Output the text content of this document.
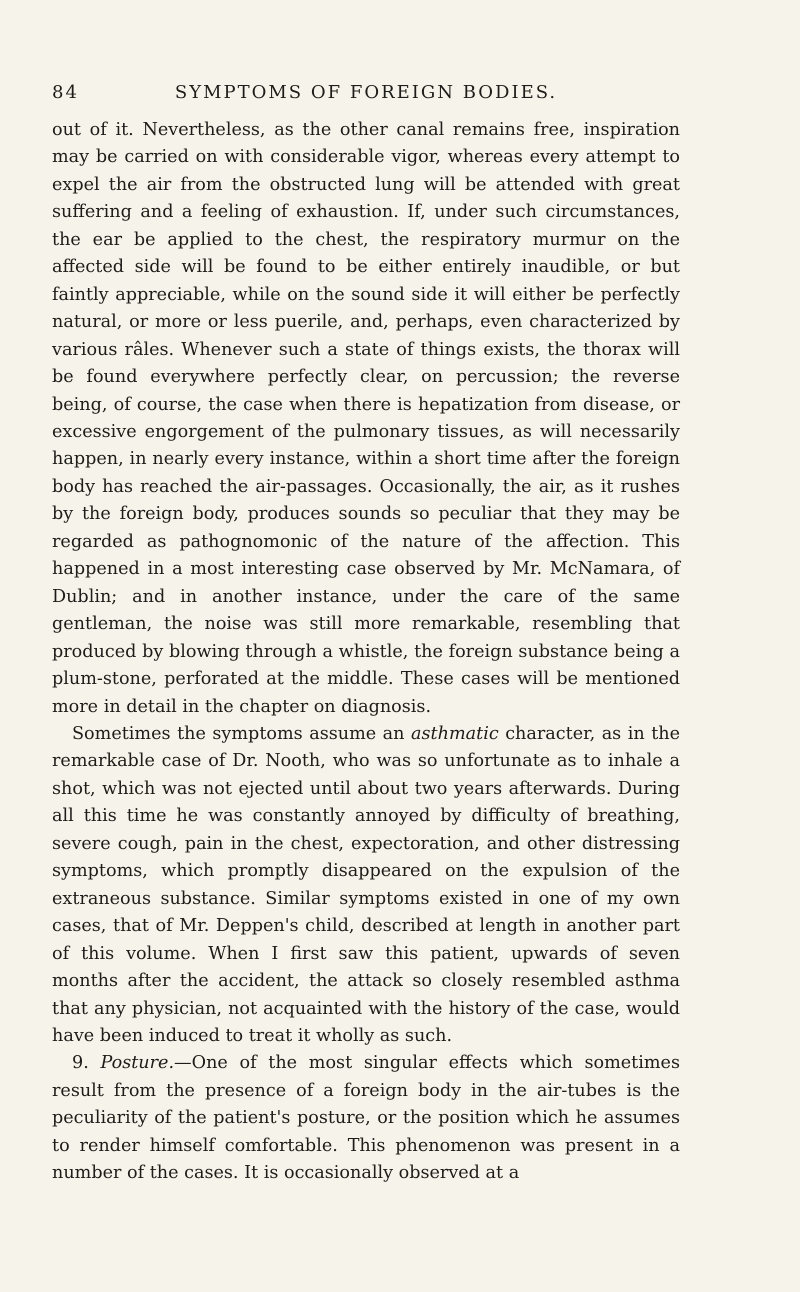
84	SYMPTOMS OF FOREIGN BODIES.

out of it. Nevertheless, as the other canal remains free, inspiration may be carried on with considerable vigor, whereas every attempt to expel the air from the obstructed lung will be attended with great suffering and a feeling of exhaustion. If, under such circumstances, the ear be applied to the chest, the respiratory murmur on the affected side will be found to be either entirely inaudible, or but faintly appreciable, while on the sound side it will either be perfectly natural, or more or less puerile, and, perhaps, even characterized by various râles. Whenever such a state of things exists, the thorax will be found everywhere perfectly clear, on percussion; the reverse being, of course, the case when there is hepatization from disease, or excessive engorgement of the pulmonary tissues, as will necessarily happen, in nearly every instance, within a short time after the foreign body has reached the air-passages. Occasionally, the air, as it rushes by the foreign body, produces sounds so peculiar that they may be regarded as pathognomonic of the nature of the affection. This happened in a most interesting case observed by Mr. McNamara, of Dublin; and in another instance, under the care of the same gentleman, the noise was still more remarkable, resembling that produced by blowing through a whistle, the foreign substance being a plum-stone, perforated at the middle. These cases will be mentioned more in detail in the chapter on diagnosis.

Sometimes the symptoms assume an asthmatic character, as in the remarkable case of Dr. Nooth, who was so unfortunate as to inhale a shot, which was not ejected until about two years afterwards. During all this time he was constantly annoyed by difficulty of breathing, severe cough, pain in the chest, expectoration, and other distressing symptoms, which promptly disappeared on the expulsion of the extraneous substance. Similar symptoms existed in one of my own cases, that of Mr. Deppen's child, described at length in another part of this volume. When I first saw this patient, upwards of seven months after the accident, the attack so closely resembled asthma that any physician, not acquainted with the history of the case, would have been induced to treat it wholly as such.

9. Posture.—One of the most singular effects which sometimes result from the presence of a foreign body in the air-tubes is the peculiarity of the patient's posture, or the position which he assumes to render himself comfortable. This phenomenon was present in a number of the cases. It is occasionally observed at a
